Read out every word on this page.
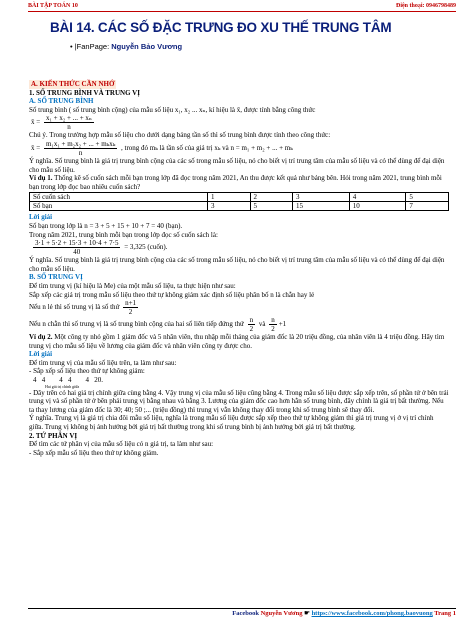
BÀI TẬP TOÁN 10	Điện thoại: 0946798489
BÀI 14. CÁC SỐ ĐẶC TRƯNG ĐO XU THẾ TRUNG TÂM
• |FanPage: Nguyễn Bảo Vương

A. KIẾN THỨC CẦN NHỚ

1. SỐ TRUNG BÌNH VÀ TRUNG VỊ

A. SỐ TRUNG BÌNH

Số trung bình ( số trung bình cộng) của mẫu số liệu x₁, x₂ ... xₙ, kí hiệu là x̄, được tính bằng công thức

x̄ = $\frac{\text{x₁ + x₂ + ... + xₙ}}{n}$

Chú ý. Trong trường hợp mẫu số liệu cho dưới dạng bảng tần số thì số trung bình được tính theo công thức:

x̄ = $\frac{\text{m₁x₁ + m₂x₂ + ... + mₖxₖ}}{n}$ , trong đó mₖ là tần số của giá trị xₖ và n = m₁ + m₂ + ... + mₖ

Ý nghĩa. Số trung bình là giá trị trung bình cộng của các số trong mẫu số liệu, nó cho biết vị trí trung tâm của mẫu số liệu và có thể dùng để đại diện cho mẫu số liệu.

Ví dụ 1. Thống kê số cuốn sách mỗi bạn trong lớp đã đọc trong năm 2021, An thu được kết quả như bảng bên. Hỏi trong năm 2021, trung bình mỗi bạn trong lớp đọc bao nhiêu cuốn sách?

Số cuốn sách	1	2	3	4	5
Số bạn	3	5	15	10	7

Lời giải

Số bạn trong lớp là n = 3 + 5 + 15 + 10 + 7 = 40 (bạn).

Trong năm 2021, trung bình mỗi bạn trong lớp đọc số cuốn sách là:

$\frac{3\cdot 1 + 5\cdot 2 + 15\cdot 3 + 10\cdot 4 + 7\cdot 5}{40} = 3,325$ (cuốn).

Ý nghĩa. Số trung bình là giá trị trung bình cộng của các số trong mẫu số liệu, nó cho biết vị trí trung tâm của mẫu số liệu và có thể dùng để đại diện cho mẫu số liệu.

B. SỐ TRUNG VỊ

Để tìm trung vị (kí hiệu là Me) của một mẫu số liệu, ta thực hiện như sau:

Sắp xếp các giá trị trong mẫu số liệu theo thứ tự không giảm xác định số liệu phân bố n là chẵn hay lẻ

Nếu n lẻ thì số trung vị là số thứ $\frac{n+1}{2}$

Nếu n chẵn thì số trung vị là số trung bình cộng của hai số liên tiếp đứng thứ $\frac{n}{2}$ và $\frac{n}{2} +1$

Ví dụ 2. Một công ty nhỏ gồm 1 giám đốc và 5 nhân viên, thu nhập mỗi tháng của giám đốc là 20 triệu đồng, của nhân viên là 4 triệu đồng. Hãy tìm trung vị cho mẫu số liệu về lương của giám đốc và nhân viên công ty được cho.

Lời giải

Để tìm trung vị của mẫu số liệu trên, ta làm như sau:

- Sắp xếp số liệu theo thứ tự không giảm:

4   4        4   4        4   20.

Hai giá trị chính giữa

- Dãy trên có hai giá trị chính giữa cùng bằng 4. Vậy trung vị của mẫu số liệu cũng bằng 4. Trong mẫu số liệu được sắp xếp trên, số phần tử ở bên trái trung vị và số phần tử ở bên phải trung vị bằng nhau và bằng 3. Lương của giám đốc cao hơn hẳn số trung bình, đây chính là giá trị bất thường. Nếu ta thay lương của giám đốc là 30; 40; 50 ;... (triệu đồng) thì trung vị vẫn không thay đổi trong khi số trung bình sẽ thay đổi.

Ý nghĩa. Trung vị là giá trị chia đôi mẫu số liệu, nghĩa là trong mẫu số liệu được sắp xếp theo thứ tự không giảm thì giá trị trung vị ở vị trí chính giữa. Trung vị không bị ảnh hưởng bởi giá trị bất thường trong khi số trung bình bị ảnh hưởng bởi giá trị bất thường.

2. TỨ PHÂN VỊ

Để tìm các tứ phân vị của mẫu số liệu có n giá trị, ta làm như sau:

- Sắp xếp mẫu số liệu theo thứ tự không giảm.

Facebook Nguyễn Vương ☛ https://www.facebook.com/phong.baovuong Trang 1
